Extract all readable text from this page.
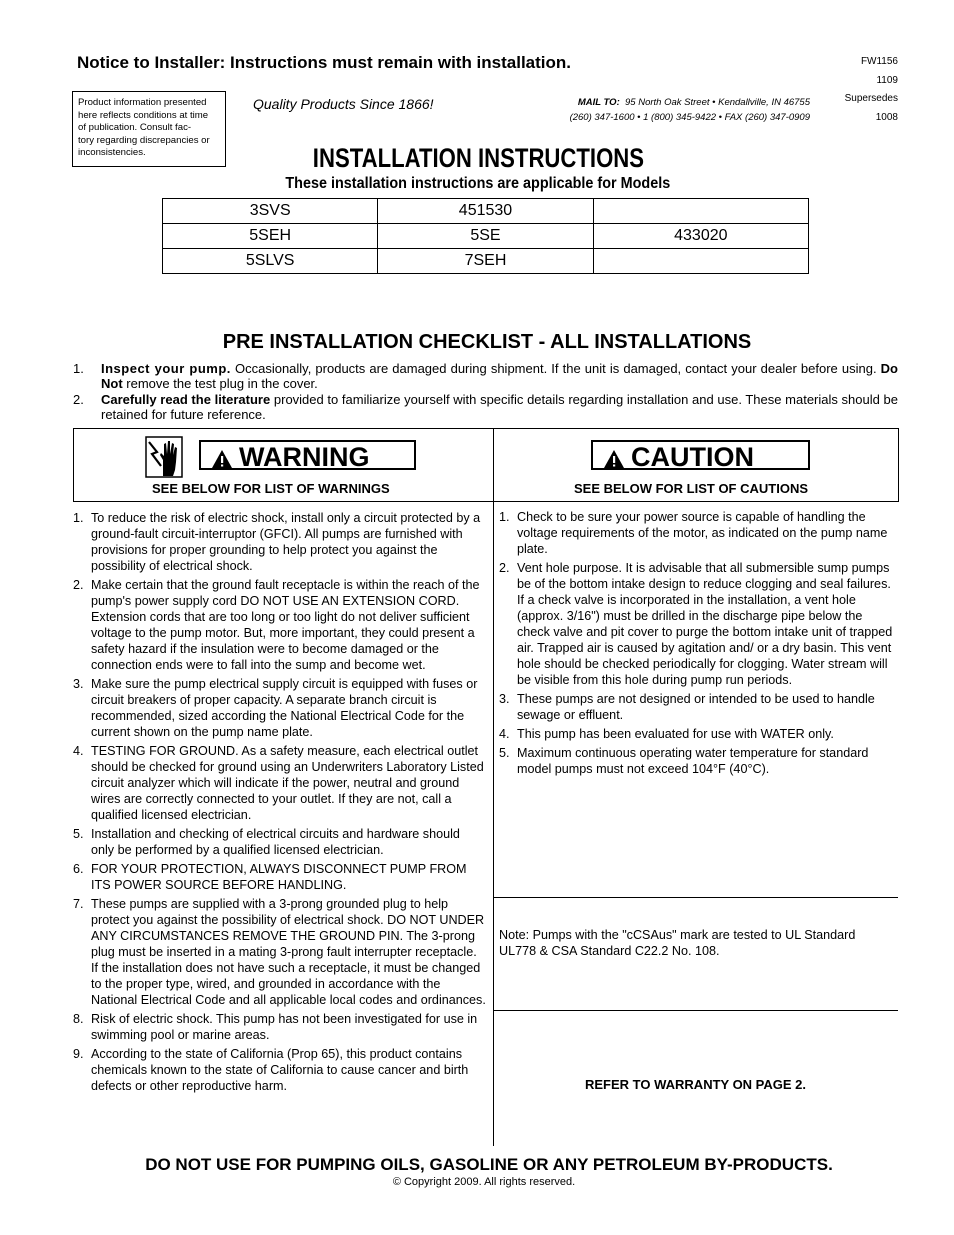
Notice to Installer: Instructions must remain with installation.	FW1156
1109
Supersedes
1008
Product information presented
here reflects conditions at time
of publication. Consult fac-
tory regarding discrepancies or
inconsistencies.
Quality Products Since 1866!	MAIL TO: 95 North Oak Street • Kendallville, IN 46755
(260) 347-1600 • 1 (800) 345-9422 • FAX (260) 347-0909
INSTALLATION INSTRUCTIONS
These installation instructions are applicable for Models
3SVS	451530	
5SEH	5SE	433020
5SLVS	7SEH	
PRE INSTALLATION CHECKLIST - ALL INSTALLATIONS
1. Inspect your pump. Occasionally, products are damaged during shipment. If the unit is damaged, contact your dealer before using. Do Not remove the test plug in the cover.
2. Carefully read the literature provided to familiarize yourself with specific details regarding installation and use. These materials should be retained for future reference.
WARNING
SEE BELOW FOR LIST OF WARNINGS
CAUTION
SEE BELOW FOR LIST OF CAUTIONS
1. To reduce the risk of electric shock, install only a circuit protected by a ground-fault circuit-interruptor (GFCI). All pumps are furnished with provisions for proper grounding to help protect you against the possibility of electrical shock.
2. Make certain that the ground fault receptacle is within the reach of the pump's power supply cord DO NOT USE AN EXTENSION CORD. Extension cords that are too long or too light do not deliver sufficient voltage to the pump motor. But, more important, they could present a safety hazard if the insulation were to become damaged or the connection ends were to fall into the sump and become wet.
3. Make sure the pump electrical supply circuit is equipped with fuses or circuit breakers of proper capacity. A separate branch circuit is recommended, sized according the National Electrical Code for the current shown on the pump name plate.
4. TESTING FOR GROUND. As a safety measure, each electrical outlet should be checked for ground using an Underwriters Laboratory Listed circuit analyzer which will indicate if the power, neutral and ground wires are correctly connected to your outlet. If they are not, call a qualified licensed electrician.
5. Installation and checking of electrical circuits and hardware should only be performed by a qualified licensed electrician.
6. FOR YOUR PROTECTION, ALWAYS DISCONNECT PUMP FROM ITS POWER SOURCE BEFORE HANDLING.
7. These pumps are supplied with a 3-prong grounded plug to help protect you against the possibility of electrical shock. DO NOT UNDER ANY CIRCUMSTANCES REMOVE THE GROUND PIN. The 3-prong plug must be inserted in a mating 3-prong fault interrupter receptacle. If the installation does not have such a receptacle, it must be changed to the proper type, wired, and grounded in accordance with the National Electrical Code and all applicable local codes and ordinances.
8. Risk of electric shock. This pump has not been investigated for use in swimming pool or marine areas.
9. According to the state of California (Prop 65), this product contains chemicals known to the state of California to cause cancer and birth defects or other reproductive harm.
1. Check to be sure your power source is capable of handling the voltage requirements of the motor, as indicated on the pump name plate.
2. Vent hole purpose. It is advisable that all submersible sump pumps be of the bottom intake design to reduce clogging and seal failures. If a check valve is incorporated in the installation, a vent hole (approx. 3/16") must be drilled in the discharge pipe below the check valve and pit cover to purge the bottom intake unit of trapped air. Trapped air is caused by agitation and/ or a dry basin. This vent hole should be checked periodically for clogging. Water stream will be visible from this hole during pump run periods.
3. These pumps are not designed or intended to be used to handle sewage or effluent.
4. This pump has been evaluated for use with WATER only.
5. Maximum continuous operating water temperature for standard model pumps must not exceed 104°F (40°C).
Note: Pumps with the "cCSAus" mark are tested to UL Standard UL778 & CSA Standard C22.2 No. 108.
REFER TO WARRANTY ON PAGE 2.
DO NOT USE FOR PUMPING OILS, GASOLINE OR ANY PETROLEUM BY-PRODUCTS.
© Copyright 2009. All rights reserved.
